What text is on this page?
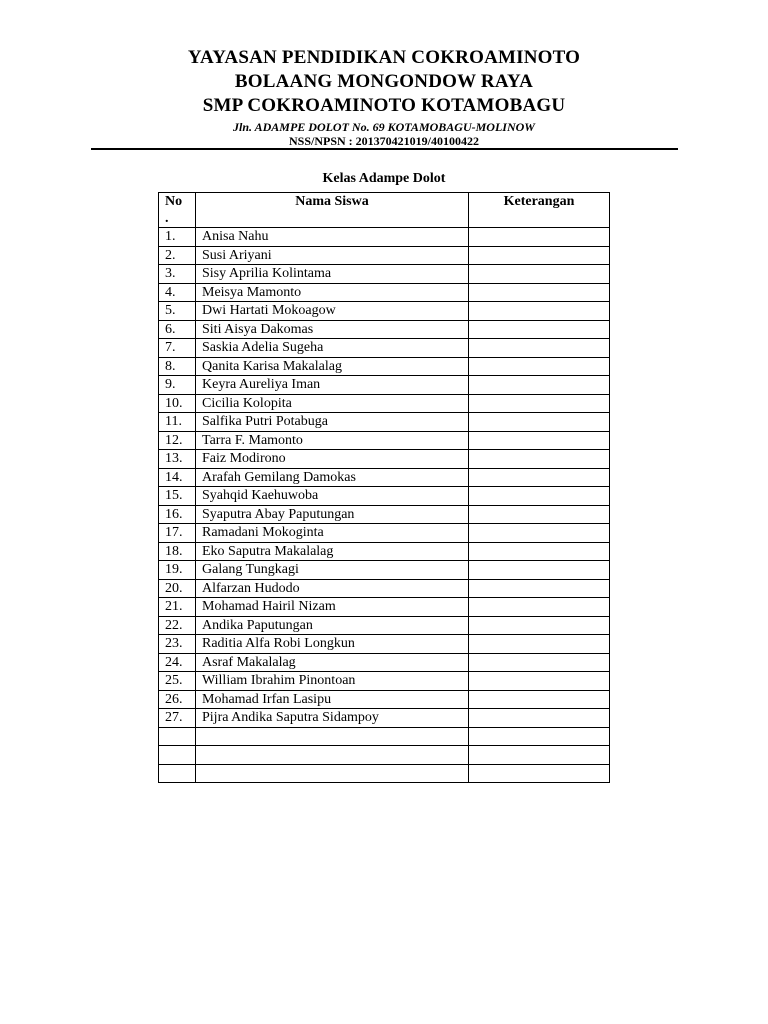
YAYASAN PENDIDIKAN COKROAMINOTO
BOLAANG MONGONDOW RAYA
SMP COKROAMINOTO KOTAMOBAGU
Jln. ADAMPE DOLOT No. 69 KOTAMOBAGU-MOLINOW
NSS/NPSN : 201370421019/40100422
Kelas Adampe Dolot
No
.	Nama Siswa	Keterangan
1.	Anisa Nahu	
2.	Susi Ariyani	
3.	Sisy Aprilia Kolintama	
4.	Meisya Mamonto	
5.	Dwi Hartati Mokoagow	
6.	Siti Aisya Dakomas	
7.	Saskia Adelia Sugeha	
8.	Qanita Karisa Makalalag	
9.	Keyra Aureliya Iman	
10.	Cicilia Kolopita	
11.	Salfika Putri Potabuga	
12.	Tarra F. Mamonto	
13.	Faiz Modirono	
14.	Arafah Gemilang Damokas	
15.	Syahqid Kaehuwoba	
16.	Syaputra Abay Paputungan	
17.	Ramadani Mokoginta	
18.	Eko Saputra Makalalag	
19.	Galang Tungkagi	
20.	Alfarzan Hudodo	
21.	Mohamad Hairil Nizam	
22.	Andika Paputungan	
23.	Raditia Alfa Robi Longkun	
24.	Asraf Makalalag	
25.	William Ibrahim Pinontoan	
26.	Mohamad Irfan Lasipu	
27.	Pijra Andika Saputra Sidampoy	
